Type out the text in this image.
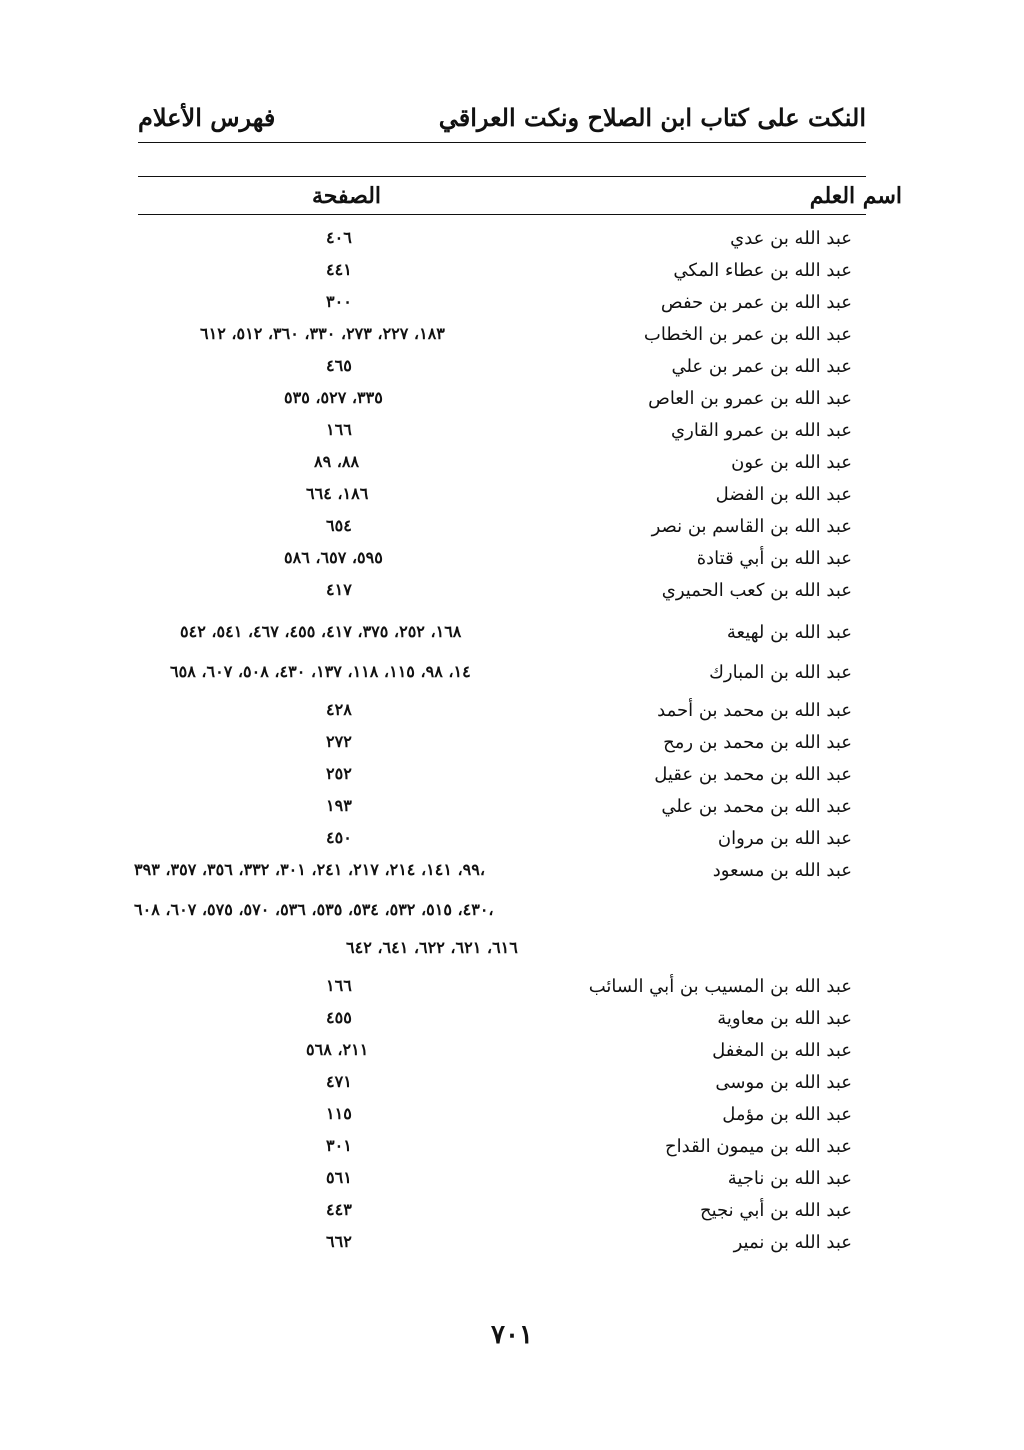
النكت على كتاب ابن الصلاح ونكت العراقي
فهرس الأعلام
اسم العلم
الصفحة
عبد الله بن عدي
٤٠٦
عبد الله بن عطاء المكي
٤٤١
عبد الله بن عمر بن حفص
٣٠٠
عبد الله بن عمر بن الخطاب
١٨٣، ٢٢٧، ٢٧٣، ٣٣٠، ٣٦٠، ٥١٢، ٦١٢
عبد الله بن عمر بن علي
٤٦٥
عبد الله بن عمرو بن العاص
٣٣٥، ٥٢٧، ٥٣٥
عبد الله بن عمرو القاري
١٦٦
عبد الله بن عون
٨٨، ٨٩
عبد الله بن الفضل
١٨٦، ٦٦٤
عبد الله بن القاسم بن نصر
٦٥٤
عبد الله بن أبي قتادة
٥٩٥، ٦٥٧، ٥٨٦
عبد الله بن كعب الحميري
٤١٧
عبد الله بن لهيعة
١٦٨، ٢٥٢، ٣٧٥، ٤١٧، ٤٥٥، ٤٦٧، ٥٤١، ٥٤٢
عبد الله بن المبارك
١٤، ٩٨، ١١٥، ١١٨، ١٣٧، ٤٣٠، ٥٠٨، ٦٠٧، ٦٥٨
عبد الله بن محمد بن أحمد
٤٢٨
عبد الله بن محمد بن رمح
٢٧٢
عبد الله بن محمد بن عقيل
٢٥٢
عبد الله بن محمد بن علي
١٩٣
عبد الله بن مروان
٤٥٠
عبد الله بن مسعود
٩٩، ١٤١، ٢١٤، ٢١٧، ٢٤١، ٣٠١، ٣٣٢، ٣٥٦، ٣٥٧، ٣٩٣،
٤٣٠، ٥١٥، ٥٣٢، ٥٣٤، ٥٣٥، ٥٣٦، ٥٧٠، ٥٧٥، ٦٠٧، ٦٠٨،
٦١٦، ٦٢١، ٦٢٢، ٦٤١، ٦٤٢
عبد الله بن المسيب بن أبي السائب
١٦٦
عبد الله بن معاوية
٤٥٥
عبد الله بن المغفل
٢١١، ٥٦٨
عبد الله بن موسى
٤٧١
عبد الله بن مؤمل
١١٥
عبد الله بن ميمون القداح
٣٠١
عبد الله بن ناجية
٥٦١
عبد الله بن أبي نجيح
٤٤٣
عبد الله بن نمير
٦٦٢
٧٠١
